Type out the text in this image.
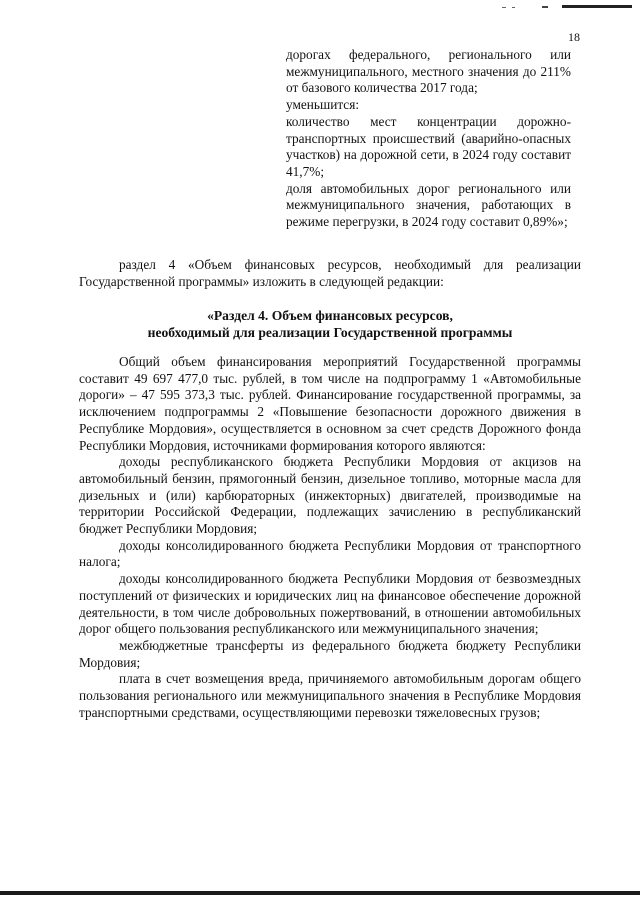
18

дорогах федерального, регионального или межмуниципального, местного значения до 211% от базового количества 2017 года;

уменьшится:

количество мест концентрации дорожно-транспортных происшествий (аварийно-опасных участков) на дорожной сети, в 2024 году составит 41,7%;

доля автомобильных дорог регионального или межмуниципального значения, работающих в режиме перегрузки, в 2024 году составит 0,89%»;

раздел 4 «Объем финансовых ресурсов, необходимый для реализации Государственной программы» изложить в следующей редакции:

«Раздел 4. Объем финансовых ресурсов,
необходимый для реализации Государственной программы

Общий объем финансирования мероприятий Государственной программы составит 49 697 477,0 тыс. рублей, в том числе на подпрограмму 1 «Автомобильные дороги» – 47 595 373,3 тыс. рублей. Финансирование государственной программы, за исключением подпрограммы 2 «Повышение безопасности дорожного движения в Республике Мордовия», осуществляется в основном за счет средств Дорожного фонда Республики Мордовия, источниками формирования которого являются:

доходы республиканского бюджета Республики Мордовия от акцизов на автомобильный бензин, прямогонный бензин, дизельное топливо, моторные масла для дизельных и (или) карбюраторных (инжекторных) двигателей, производимые на территории Российской Федерации, подлежащих зачислению в республиканский бюджет Республики Мордовия;

доходы консолидированного бюджета Республики Мордовия от транспортного налога;

доходы консолидированного бюджета Республики Мордовия от безвозмездных поступлений от физических и юридических лиц на финансовое обеспечение дорожной деятельности, в том числе добровольных пожертвований, в отношении автомобильных дорог общего пользования республиканского или межмуниципального значения;

межбюджетные трансферты из федерального бюджета бюджету Республики Мордовия;

плата в счет возмещения вреда, причиняемого автомобильным дорогам общего пользования регионального или межмуниципального значения в Республике Мордовия транспортными средствами, осуществляющими перевозки тяжеловесных грузов;
